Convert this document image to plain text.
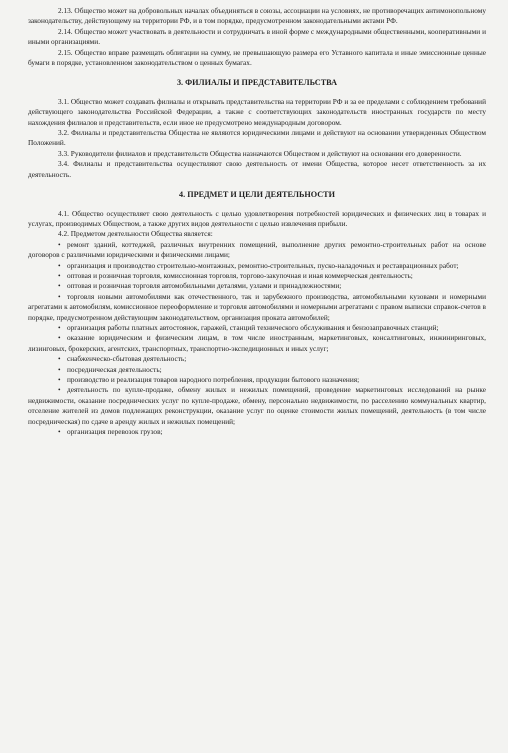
2.13. Общество может на добровольных началах объединяться в союзы, ассоциации на условиях, не противоречащих антимонопольному законодательству, действующему на территории РФ, и в том порядке, предусмотренном законодательными актами РФ.

2.14. Общество может участвовать в деятельности и сотрудничать в иной форме с международными общественными, кооперативными и иными организациями.

2.15. Общество вправе размещать облигации на сумму, не превышающую размера его Уставного капитала и иные эмиссионные ценные бумаги в порядке, установленном законодательством о ценных бумагах.

3. ФИЛИАЛЫ И ПРЕДСТАВИТЕЛЬСТВА

3.1. Общество может создавать филиалы и открывать представительства на территории РФ и за ее пределами с соблюдением требований действующего законодательства Российской Федерации, а также с соответствующих законодательств иностранных государств по месту нахождения филиалов и представительств, если иное не предусмотрено международным договором.

3.2. Филиалы и представительства Общества не являются юридическими лицами и действуют на основании утвержденных Обществом Положений.

3.3. Руководители филиалов и представительств Общества назначаются Обществом и действуют на основании его доверенности.

3.4. Филиалы и представительства осуществляют свою деятельность от имени Общества, которое несет ответственность за их деятельность.

4. ПРЕДМЕТ И ЦЕЛИ ДЕЯТЕЛЬНОСТИ

4.1. Общество осуществляет свою деятельность с целью удовлетворения потребностей юридических и физических лиц в товарах и услугах, производимых Обществом, а также других видов деятельности с целью извлечения прибыли.

4.2. Предметом деятельности Общества является:

• ремонт зданий, коттеджей, различных внутренних помещений, выполнение других ремонтно-строительных работ на основе договоров с различными юридическими и физическими лицами;
• организация и производство строительно-монтажных, ремонтно-строительных, пуско-наладочных и реставрационных работ;
• оптовая и розничная торговля, комиссионная торговля, торгово-закупочная и иная коммерческая деятельность;
• оптовая и розничная торговля автомобильными деталями, узлами и принадлежностями;
• торговля новыми автомобилями как отечественного, так и зарубежного производства, автомобильными кузовами и номерными агрегатами к автомобилям, комиссионное переоформление и торговля автомобилями и номерными агрегатами с правом выписки справок-счетов в порядке, предусмотренном действующим законодательством, организация проката автомобилей;
• организация работы платных автостоянок, гаражей, станций технического обслуживания и бензозаправочных станций;
• оказание юридическим и физическим лицам, в том числе иностранным, маркетинговых, консалтинговых, инжиниринговых, лизинговых, брокерских, агентских, транспортных, транспортно-экспедиционных и иных услуг;
• снабженческо-сбытовая деятельность;
• посредническая деятельность;
• производство и реализация товаров народного потребления, продукции бытового назначения;
• деятельность по купле-продаже, обмену жилых и нежилых помещений, проведение маркетинговых исследований на рынке недвижимости, оказание посреднических услуг по купле-продаже, обмену, персонально недвижимости, по расселению коммунальных квартир, отселение жителей из домов подлежащих реконструкции, оказание услуг по оценке стоимости жилых помещений, деятельность (в том числе посредническая) по сдаче в аренду жилых и нежилых помещений;
• организация перевозок грузов;
